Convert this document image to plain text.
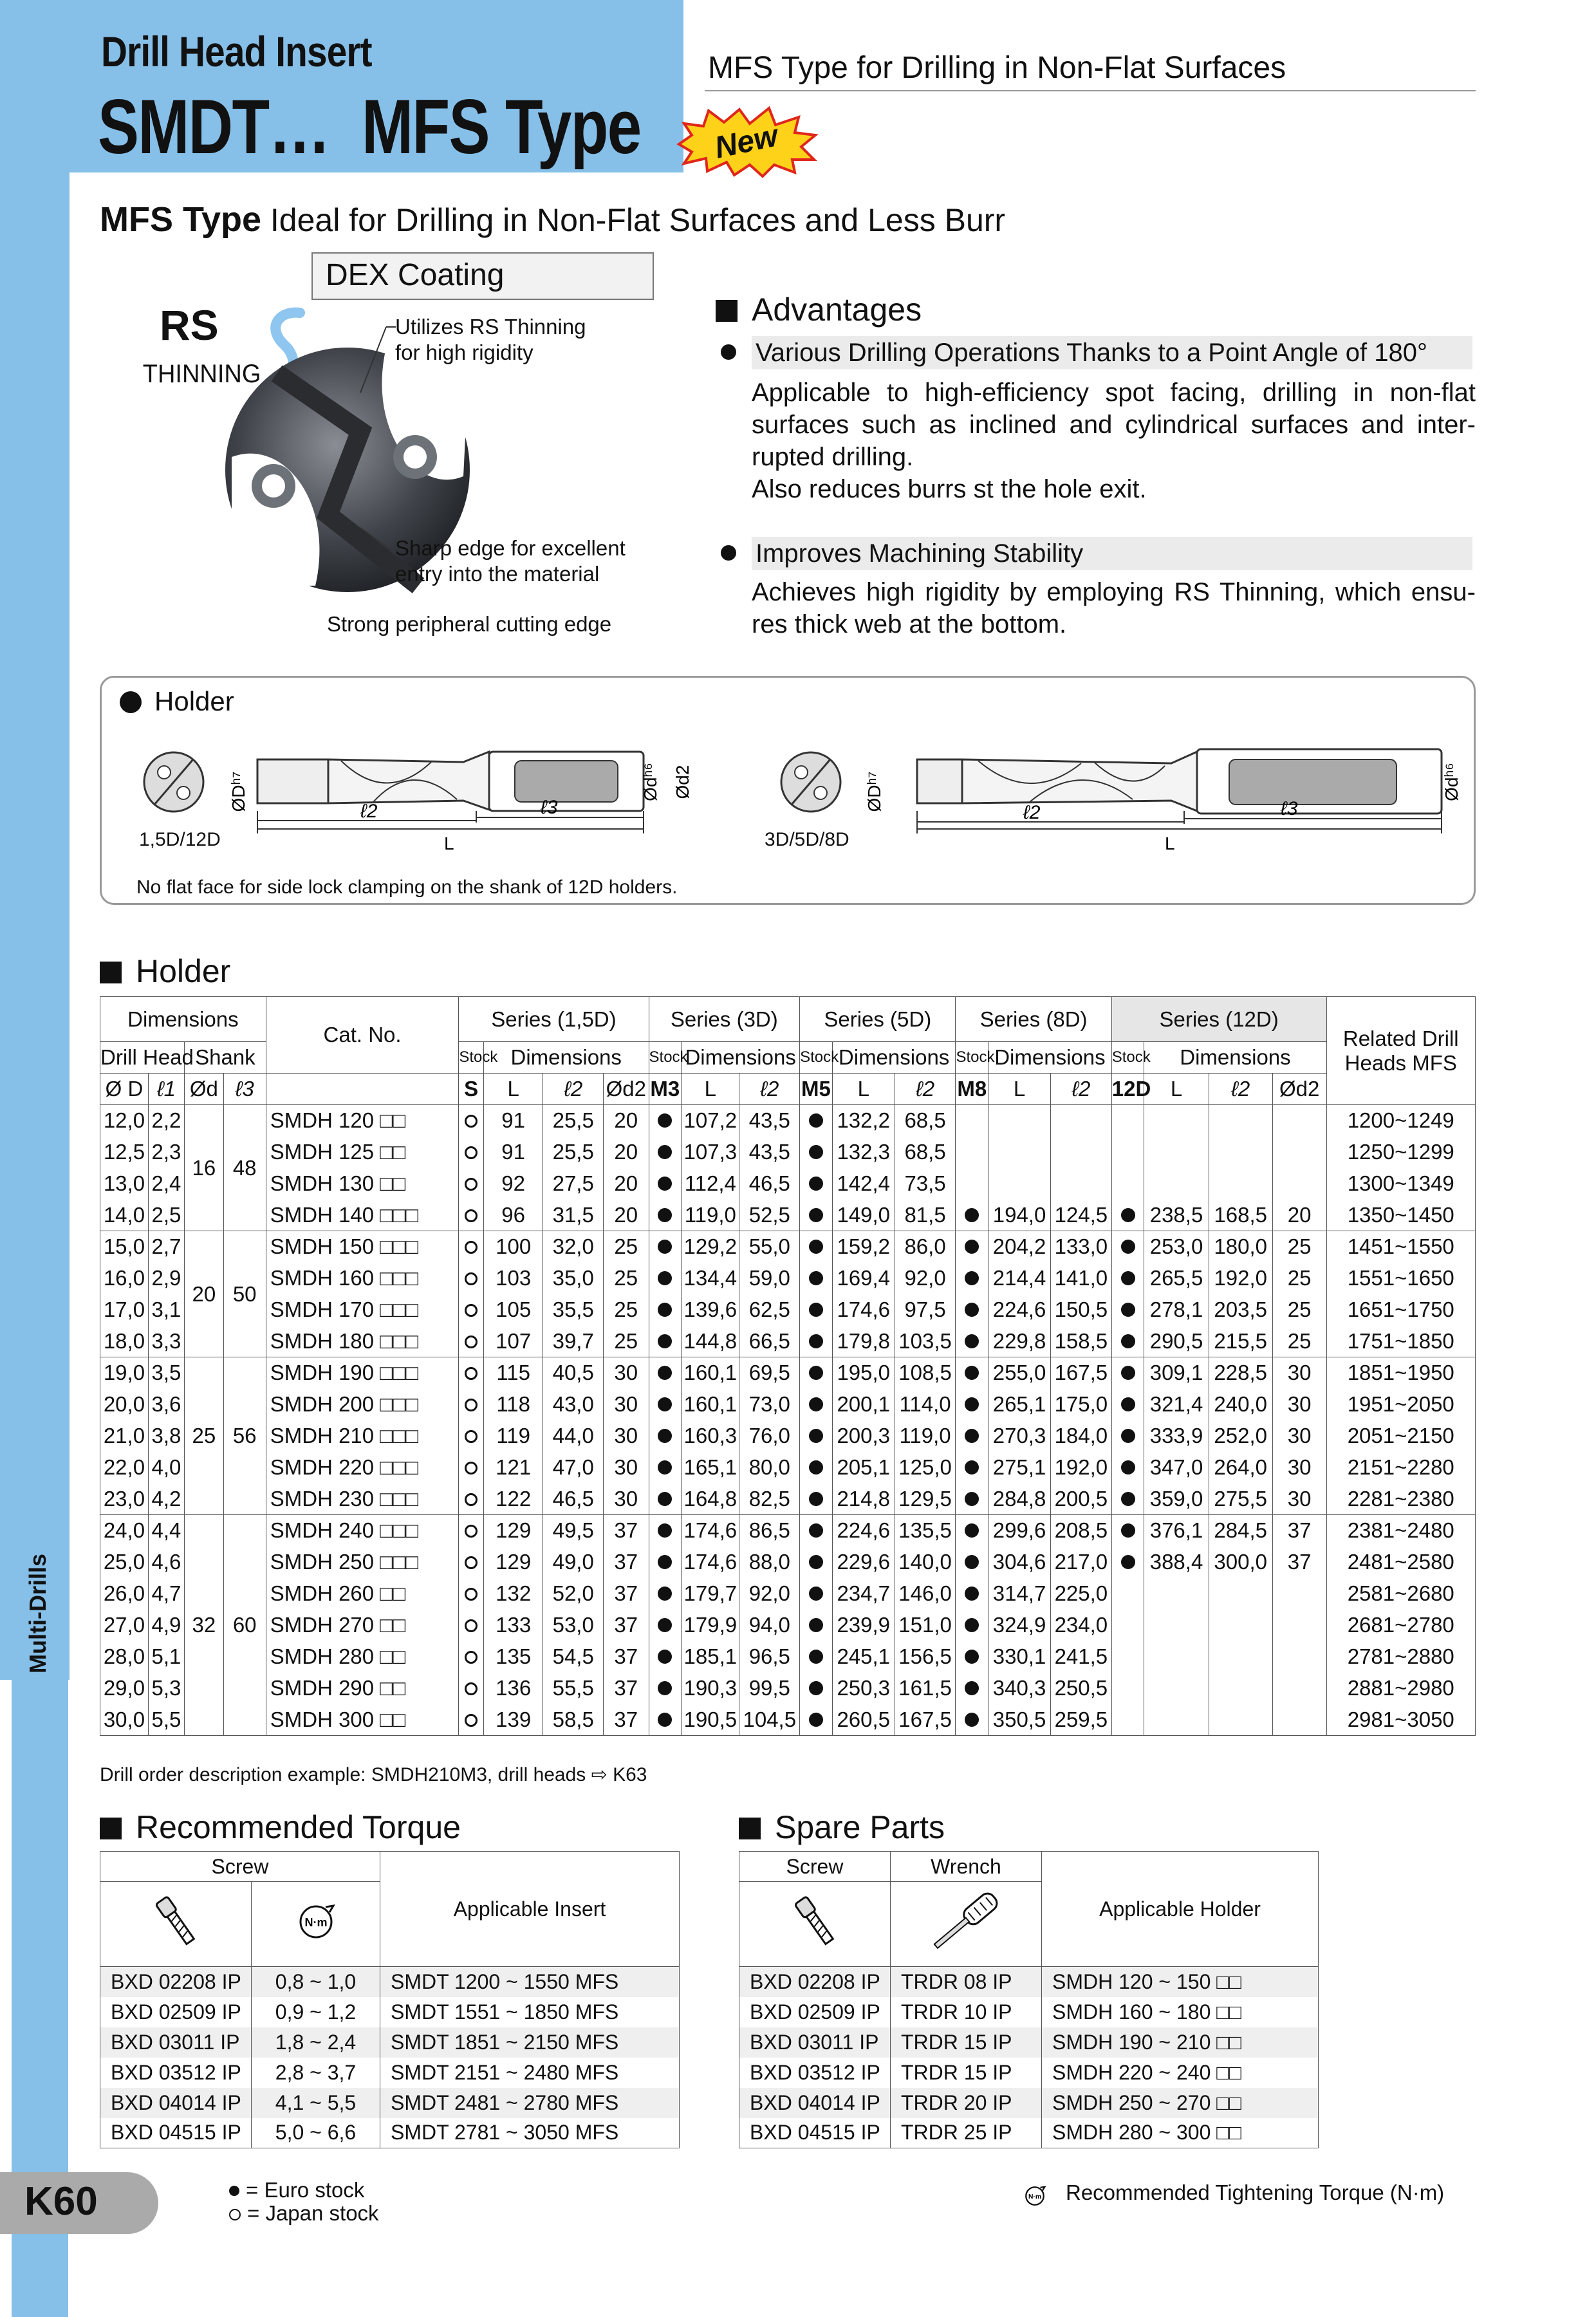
Drill Head Insert
SMDT…  MFS Type
MFS Type for Drilling in Non-Flat Surfaces
New
Multi-Drills
MFS Type Ideal for Drilling in Non-Flat Surfaces and Less Burr
DEX Coating
RS
THINNING
Utilizes RS Thinning
for high rigidity
Sharp edge for excellent
entry into the material
Strong peripheral cutting edge
Advantages
Various Drilling Operations Thanks to a Point Angle of 180°
Applicable to high-efficiency spot facing, drilling in non-flat surfaces such as inclined and cylindrical surfaces and inter-rupted drilling.
Also reduces burrs st the hole exit.
Improves Machining Stability
Achieves high rigidity by employing RS Thinning, which ensu-res thick web at the bottom.
Holder
ØDʰ⁷	Ødʰ⁶ Ød2
ℓ2	ℓ3
L
1,5D/12D
ØDʰ⁷	Ødʰ⁶
ℓ2	ℓ3
L
3D/5D/8D
No flat face for side lock clamping on the shank of 12D holders.
Holder
Dimensions				Cat. No.	Series (1,5D)				Series (3D)			Series (5D)			Series (8D)			Series (12D)				Related Drill Heads MFS
Drill Head		Shank			Stock	Dimensions			Stock	Dimensions		Stock	Dimensions		Stock	Dimensions		Stock	Dimensions			
Ø D	ℓ1	Ød	ℓ3		S	L	ℓ2	Ød2	M3	L	ℓ2	M5	L	ℓ2	M8	L	ℓ2	12D	L	ℓ2	Ød2	
12,0	2,2	16	48	SMDH 120 □□		91	25,5	20		107,2	43,5		132,2	68,5								1200~1249
12,5	2,3			SMDH 125 □□		91	25,5	20		107,3	43,5		132,3	68,5								1250~1299
13,0	2,4			SMDH 130 □□		92	27,5	20		112,4	46,5		142,4	73,5								1300~1349
14,0	2,5			SMDH 140 □□□		96	31,5	20		119,0	52,5		149,0	81,5		194,0	124,5		238,5	168,5	20	1350~1450
15,0	2,7	20	50	SMDH 150 □□□		100	32,0	25		129,2	55,0		159,2	86,0		204,2	133,0		253,0	180,0	25	1451~1550
16,0	2,9			SMDH 160 □□□		103	35,0	25		134,4	59,0		169,4	92,0		214,4	141,0		265,5	192,0	25	1551~1650
17,0	3,1			SMDH 170 □□□		105	35,5	25		139,6	62,5		174,6	97,5		224,6	150,5		278,1	203,5	25	1651~1750
18,0	3,3			SMDH 180 □□□		107	39,7	25		144,8	66,5		179,8	103,5		229,8	158,5		290,5	215,5	25	1751~1850
19,0	3,5	25	56	SMDH 190 □□□		115	40,5	30		160,1	69,5		195,0	108,5		255,0	167,5		309,1	228,5	30	1851~1950
20,0	3,6			SMDH 200 □□□		118	43,0	30		160,1	73,0		200,1	114,0		265,1	175,0		321,4	240,0	30	1951~2050
21,0	3,8			SMDH 210 □□□		119	44,0	30		160,3	76,0		200,3	119,0		270,3	184,0		333,9	252,0	30	2051~2150
22,0	4,0			SMDH 220 □□□		121	47,0	30		165,1	80,0		205,1	125,0		275,1	192,0		347,0	264,0	30	2151~2280
23,0	4,2			SMDH 230 □□□		122	46,5	30		164,8	82,5		214,8	129,5		284,8	200,5		359,0	275,5	30	2281~2380
24,0	4,4	32	60	SMDH 240 □□□		129	49,5	37		174,6	86,5		224,6	135,5		299,6	208,5		376,1	284,5	37	2381~2480
25,0	4,6			SMDH 250 □□□		129	49,0	37		174,6	88,0		229,6	140,0		304,6	217,0		388,4	300,0	37	2481~2580
26,0	4,7			SMDH 260 □□		132	52,0	37		179,7	92,0		234,7	146,0		314,7	225,0					2581~2680
27,0	4,9			SMDH 270 □□		133	53,0	37		179,9	94,0		239,9	151,0		324,9	234,0					2681~2780
28,0	5,1			SMDH 280 □□		135	54,5	37		185,1	96,5		245,1	156,5		330,1	241,5					2781~2880
29,0	5,3			SMDH 290 □□		136	55,5	37		190,3	99,5		250,3	161,5		340,3	250,5					2881~2980
30,0	5,5			SMDH 300 □□		139	58,5	37		190,5	104,5		260,5	167,5		350,5	259,5					2981~3050
Drill order description example: SMDH210M3, drill heads ⇨ K63
Recommended Torque
Screw		Applicable Insert

N·m	

BXD 02208 IP	0,8 ~ 1,0	SMDT 1200 ~ 1550 MFS
BXD 02509 IP	0,9 ~ 1,2	SMDT 1551 ~ 1850 MFS
BXD 03011 IP	1,8 ~ 2,4	SMDT 1851 ~ 2150 MFS
BXD 03512 IP	2,8 ~ 3,7	SMDT 2151 ~ 2480 MFS
BXD 04014 IP	4,1 ~ 5,5	SMDT 2481 ~ 2780 MFS
BXD 04515 IP	5,0 ~ 6,6	SMDT 2781 ~ 3050 MFS
Spare Parts
Screw	Wrench	Applicable Holder

BXD 02208 IP	TRDR 08 IP	SMDH 120 ~ 150 □□
BXD 02509 IP	TRDR 10 IP	SMDH 160 ~ 180 □□
BXD 03011 IP	TRDR 15 IP	SMDH 190 ~ 210 □□
BXD 03512 IP	TRDR 15 IP	SMDH 220 ~ 240 □□
BXD 04014 IP	TRDR 20 IP	SMDH 250 ~ 270 □□
BXD 04515 IP	TRDR 25 IP	SMDH 280 ~ 300 □□
K60	= Euro stock
= Japan stock
N·m Recommended Tightening Torque (N·m)
